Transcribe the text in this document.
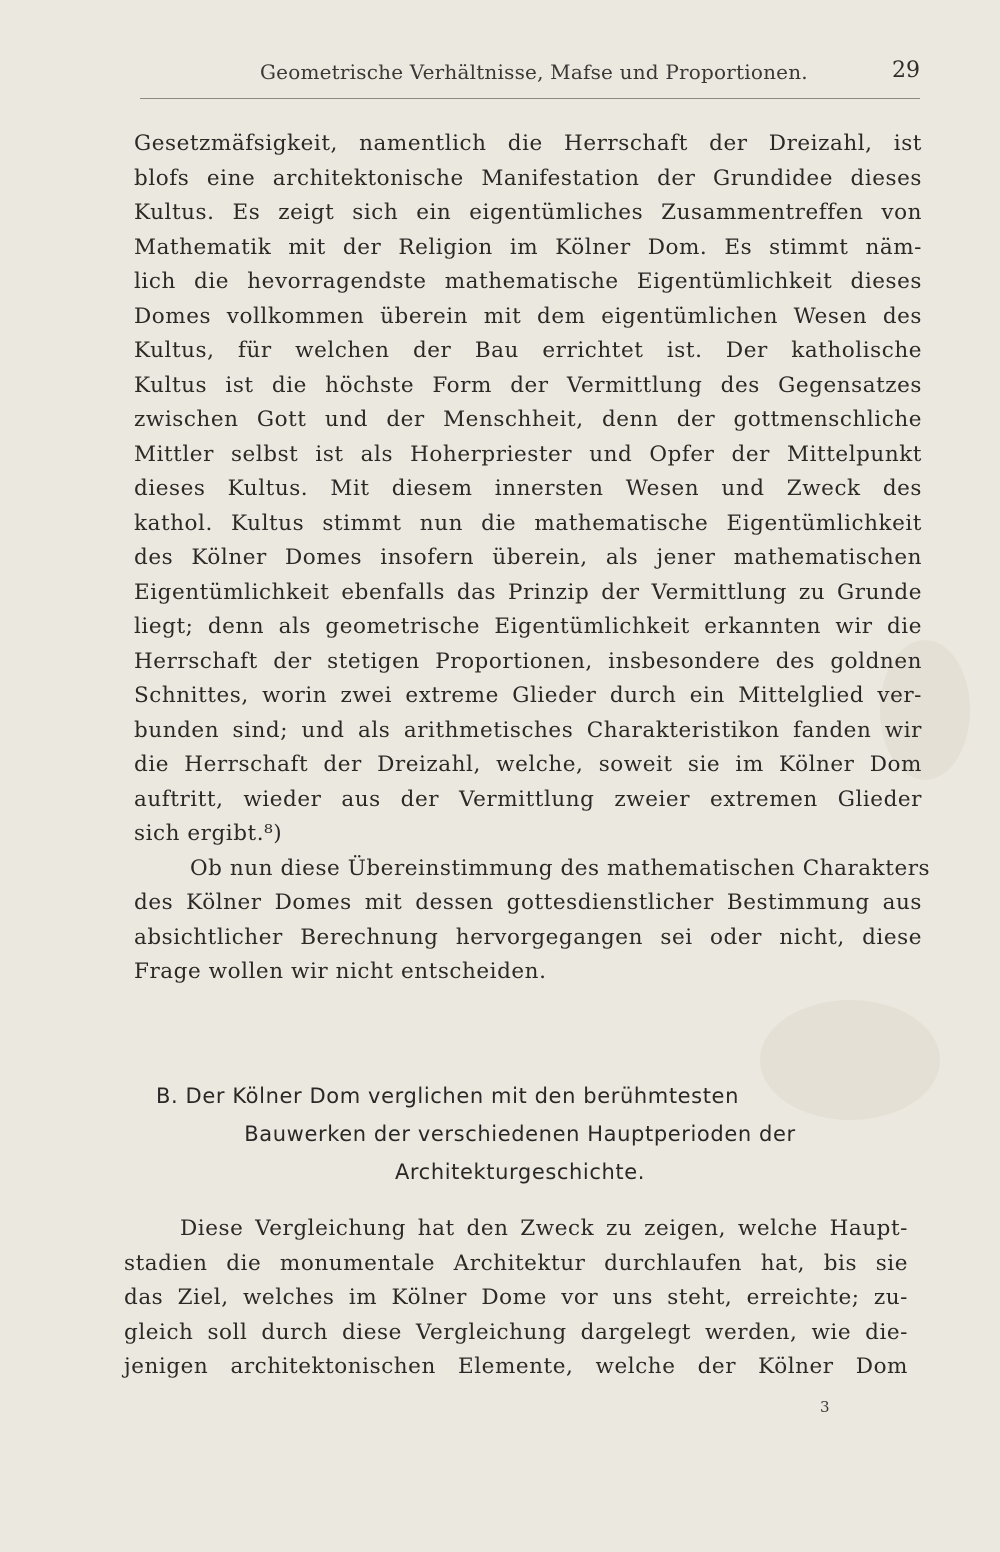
Geometrische Verhältnisse, Mafse und Proportionen.	29
Gesetzmäfsigkeit, namentlich die Herrschaft der Dreizahl, ist
blofs eine architektonische Manifestation der Grundidee dieses
Kultus. Es zeigt sich ein eigentümliches Zusammentreffen von
Mathematik mit der Religion im Kölner Dom. Es stimmt näm-
lich die hevorragendste mathematische Eigentümlichkeit dieses
Domes vollkommen überein mit dem eigentümlichen Wesen des
Kultus, für welchen der Bau errichtet ist. Der katholische
Kultus ist die höchste Form der Vermittlung des Gegensatzes
zwischen Gott und der Menschheit, denn der gottmenschliche
Mittler selbst ist als Hoherpriester und Opfer der Mittelpunkt
dieses Kultus. Mit diesem innersten Wesen und Zweck des
kathol. Kultus stimmt nun die mathematische Eigentümlichkeit
des Kölner Domes insofern überein, als jener mathematischen
Eigentümlichkeit ebenfalls das Prinzip der Vermittlung zu Grunde
liegt; denn als geometrische Eigentümlichkeit erkannten wir die
Herrschaft der stetigen Proportionen, insbesondere des goldnen
Schnittes, worin zwei extreme Glieder durch ein Mittelglied ver-
bunden sind; und als arithmetisches Charakteristikon fanden wir
die Herrschaft der Dreizahl, welche, soweit sie im Kölner Dom
auftritt, wieder aus der Vermittlung zweier extremen Glieder
sich ergibt.⁸)
Ob nun diese Übereinstimmung des mathematischen Charakters
des Kölner Domes mit dessen gottesdienstlicher Bestimmung aus
absichtlicher Berechnung hervorgegangen sei oder nicht, diese
Frage wollen wir nicht entscheiden.
B. Der Kölner Dom verglichen mit den berühmtesten
Bauwerken der verschiedenen Hauptperioden der
Architekturgeschichte.
Diese Vergleichung hat den Zweck zu zeigen, welche Haupt-
stadien die monumentale Architektur durchlaufen hat, bis sie
das Ziel, welches im Kölner Dome vor uns steht, erreichte; zu-
gleich soll durch diese Vergleichung dargelegt werden, wie die-
jenigen architektonischen Elemente, welche der Kölner Dom
3
